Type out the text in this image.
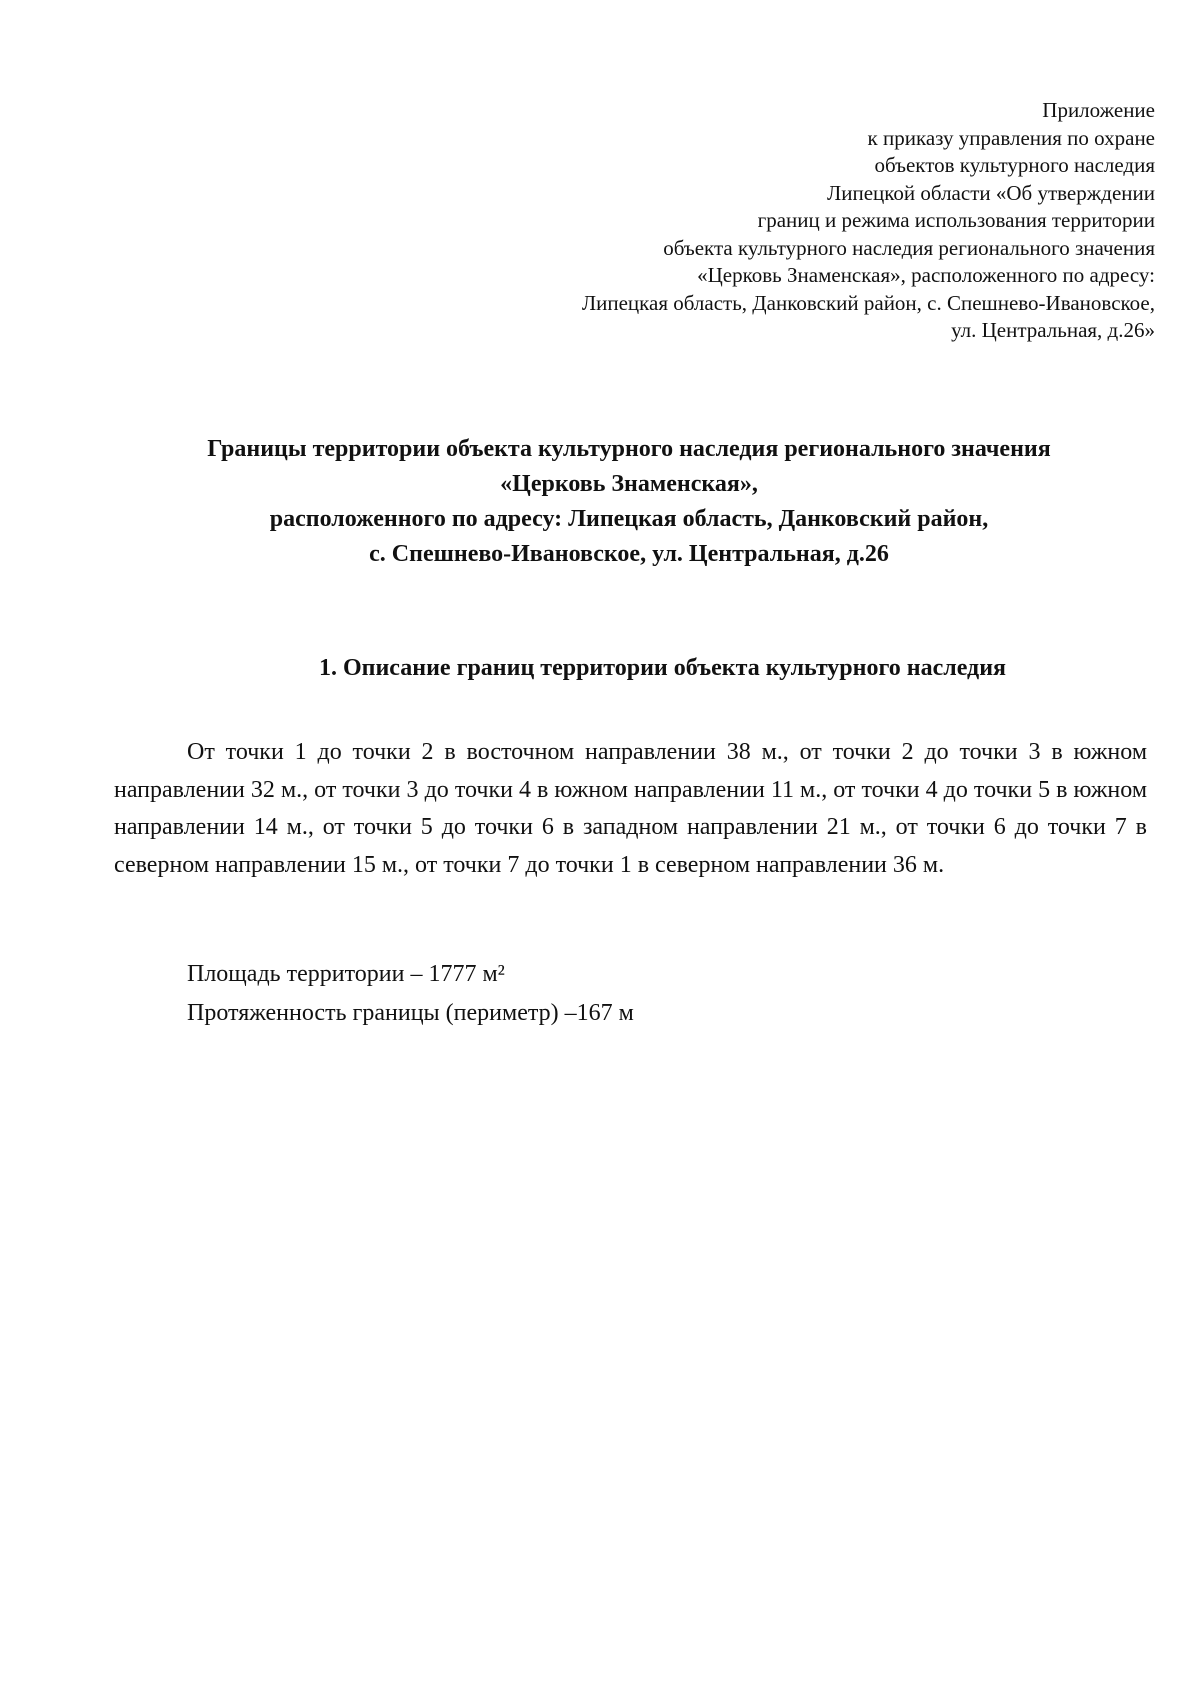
Приложение
к приказу управления по охране
объектов культурного наследия
Липецкой области «Об утверждении
границ и режима использования территории
объекта культурного наследия регионального значения
«Церковь Знаменская», расположенного по адресу:
Липецкая область, Данковский район, с. Спешнево-Ивановское,
ул. Центральная, д.26»
Границы территории объекта культурного наследия регионального значения
«Церковь Знаменская»,
расположенного по адресу: Липецкая область, Данковский район,
с. Спешнево-Ивановское, ул. Центральная, д.26
1. Описание границ территории объекта культурного наследия

От точки 1 до точки 2 в восточном направлении 38 м., от точки 2 до точки 3 в южном направлении 32 м., от точки 3 до точки 4 в южном направлении 11 м., от точки 4 до точки 5 в южном направлении 14 м., от точки 5 до точки 6 в западном направлении 21 м., от точки 6 до точки 7 в северном направлении 15 м., от точки 7 до точки 1 в северном направлении 36 м.

Площадь территории – 1777 м²
Протяженность границы (периметр) –167 м
